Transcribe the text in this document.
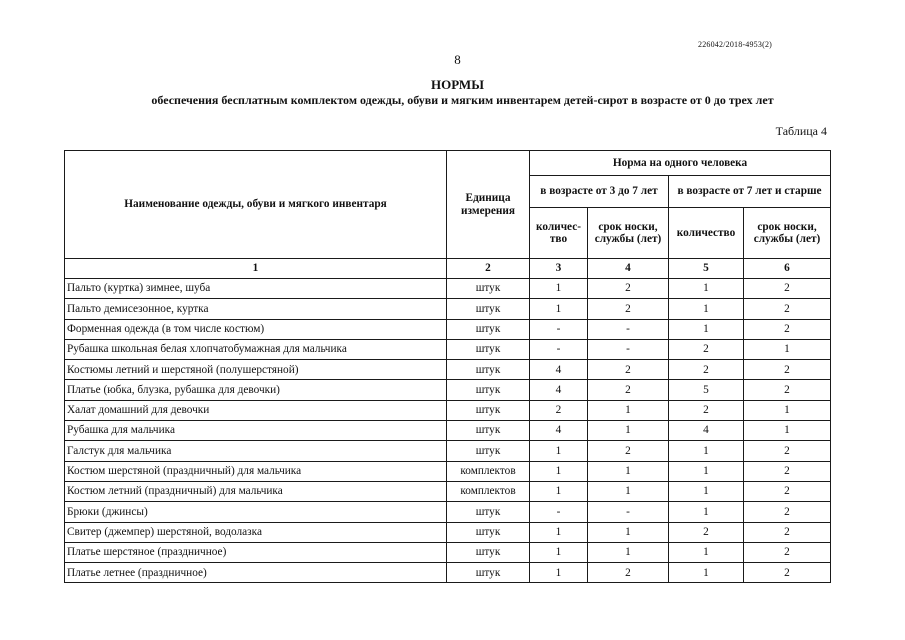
226042/2018-4953(2)
8
НОРМЫ
обеспечения бесплатным комплектом одежды, обуви и мягким инвентарем детей-сирот в возрасте от 0 до трех лет
Таблица 4
Наименование одежды, обуви и мягкого инвентаря	Единица измерения	Норма на одного человека			
		в возрасте от 3 до 7 лет		в возрасте от 7 лет и старше	
		количес-тво	срок носки, службы (лет)	количество	срок носки, службы (лет)
1	2	3	4	5	6
Пальто (куртка) зимнее, шуба	штук	1	2	1	2
Пальто демисезонное, куртка	штук	1	2	1	2
Форменная одежда (в том числе костюм)	штук	-	-	1	2
Рубашка школьная белая хлопчатобумажная для мальчика	штук	-	-	2	1
Костюмы летний и шерстяной (полушерстяной)	штук	4	2	2	2
Платье (юбка, блузка, рубашка для девочки)	штук	4	2	5	2
Халат домашний для девочки	штук	2	1	2	1
Рубашка для мальчика	штук	4	1	4	1
Галстук для мальчика	штук	1	2	1	2
Костюм шерстяной (праздничный) для мальчика	комплектов	1	1	1	2
Костюм летний (праздничный) для мальчика	комплектов	1	1	1	2
Брюки (джинсы)	штук	-	-	1	2
Свитер (джемпер) шерстяной, водолазка	штук	1	1	2	2
Платье шерстяное (праздничное)	штук	1	1	1	2
Платье летнее (праздничное)	штук	1	2	1	2
